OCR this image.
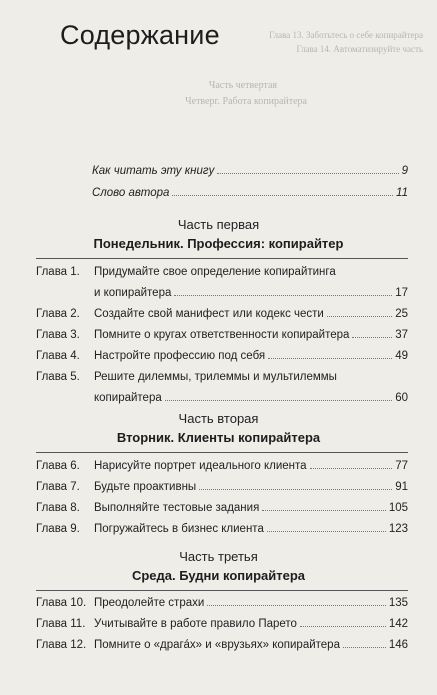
Глава 13. Заботьтесь о себе копирайтера
Глава 14. Автоматизируйте часть
Часть четвертая
Четверг. Работа копирайтера
Содержание
Как читать эту книгу	9
Слово автора	11
Часть первая
Понедельник. Профессия: копирайтер
Глава 1.	Придумайте свое определение копирайтинга
и копирайтера	17
Глава 2.	Создайте свой манифест или кодекс чести	25
Глава 3.	Помните о кругах ответственности копирайтера	37
Глава 4.	Настройте профессию под себя	49
Глава 5.	Решите дилеммы, трилеммы и мультилеммы
копирайтера	60
Часть вторая
Вторник. Клиенты копирайтера
Глава 6.	Нарисуйте портрет идеального клиента	77
Глава 7.	Будьте проактивны	91
Глава 8.	Выполняйте тестовые задания	105
Глава 9.	Погружайтесь в бизнес клиента	123
Часть третья
Среда. Будни копирайтера
Глава 10. Преодолейте страхи	135
Глава 11. Учитывайте в работе правило Парето	142
Глава 12. Помните о «драга́х» и «врузьях» копирайтера	146
